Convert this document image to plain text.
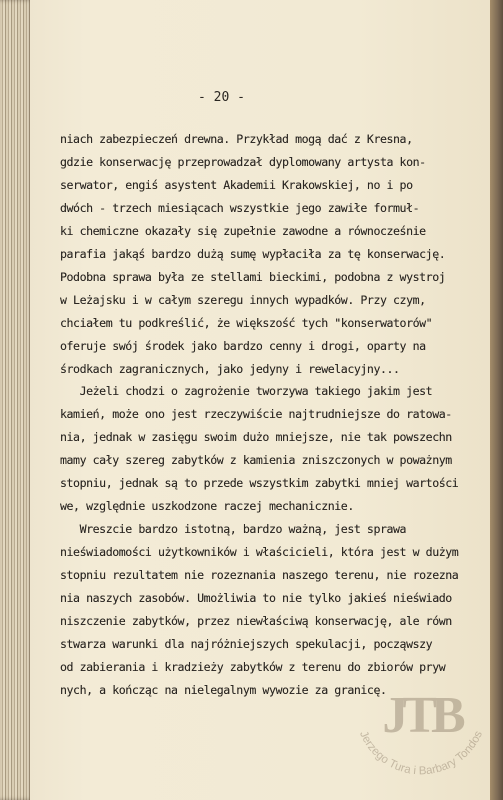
- 20 -
niach zabezpieczeń drewna. Przykład mogą dać z Kresna,
gdzie konserwację przeprowadzał dyplomowany artysta kon-
serwator, engiś asystent Akademii Krakowskiej, no i po
dwóch - trzech miesiącach wszystkie jego zawiłe formuł-
ki chemiczne okazały się zupełnie zawodne a równocześnie
parafia jakąś bardzo dużą sumę wypłaciła za tę konserwację.
Podobna sprawa była ze stellami bieckimi, podobna z wystroj
w Leżajsku i w całym szeregu innych wypadków. Przy czym,
chciałem tu podkreślić, że większość tych "konserwatorów"
oferuje swój środek jako bardzo cenny i drogi, oparty na
środkach zagranicznych, jako jedyny i rewelacyjny...
Jeżeli chodzi o zagrożenie tworzywa takiego jakim jest
kamień, może ono jest rzeczywiście najtrudniejsze do ratowa-
nia, jednak w zasięgu swoim dużo mniejsze, nie tak powszechn
mamy cały szereg zabytków z kamienia zniszczonych w poważnym
stopniu, jednak są to przede wszystkim zabytki mniej wartości
we, względnie uszkodzone raczej mechanicznie.
Wreszcie bardzo istotną, bardzo ważną, jest sprawa
nieświadomości użytkowników i właścicieli, która jest w dużym
stopniu rezultatem nie rozeznania naszego terenu, nie rozezna
nia naszych zasobów. Umożliwia to nie tylko jakieś nieświado
niszczenie zabytków, przez niewłaściwą konserwację, ale równ
stwarza warunki dla najróżniejszych spekulacji, począwszy
od zabierania i kradzieży zabytków z terenu do zbiorów pryw
nych, a kończąc na nielegalnym wywozie za granicę.
JTB
Jerzego Tura i Barbary Tondos
